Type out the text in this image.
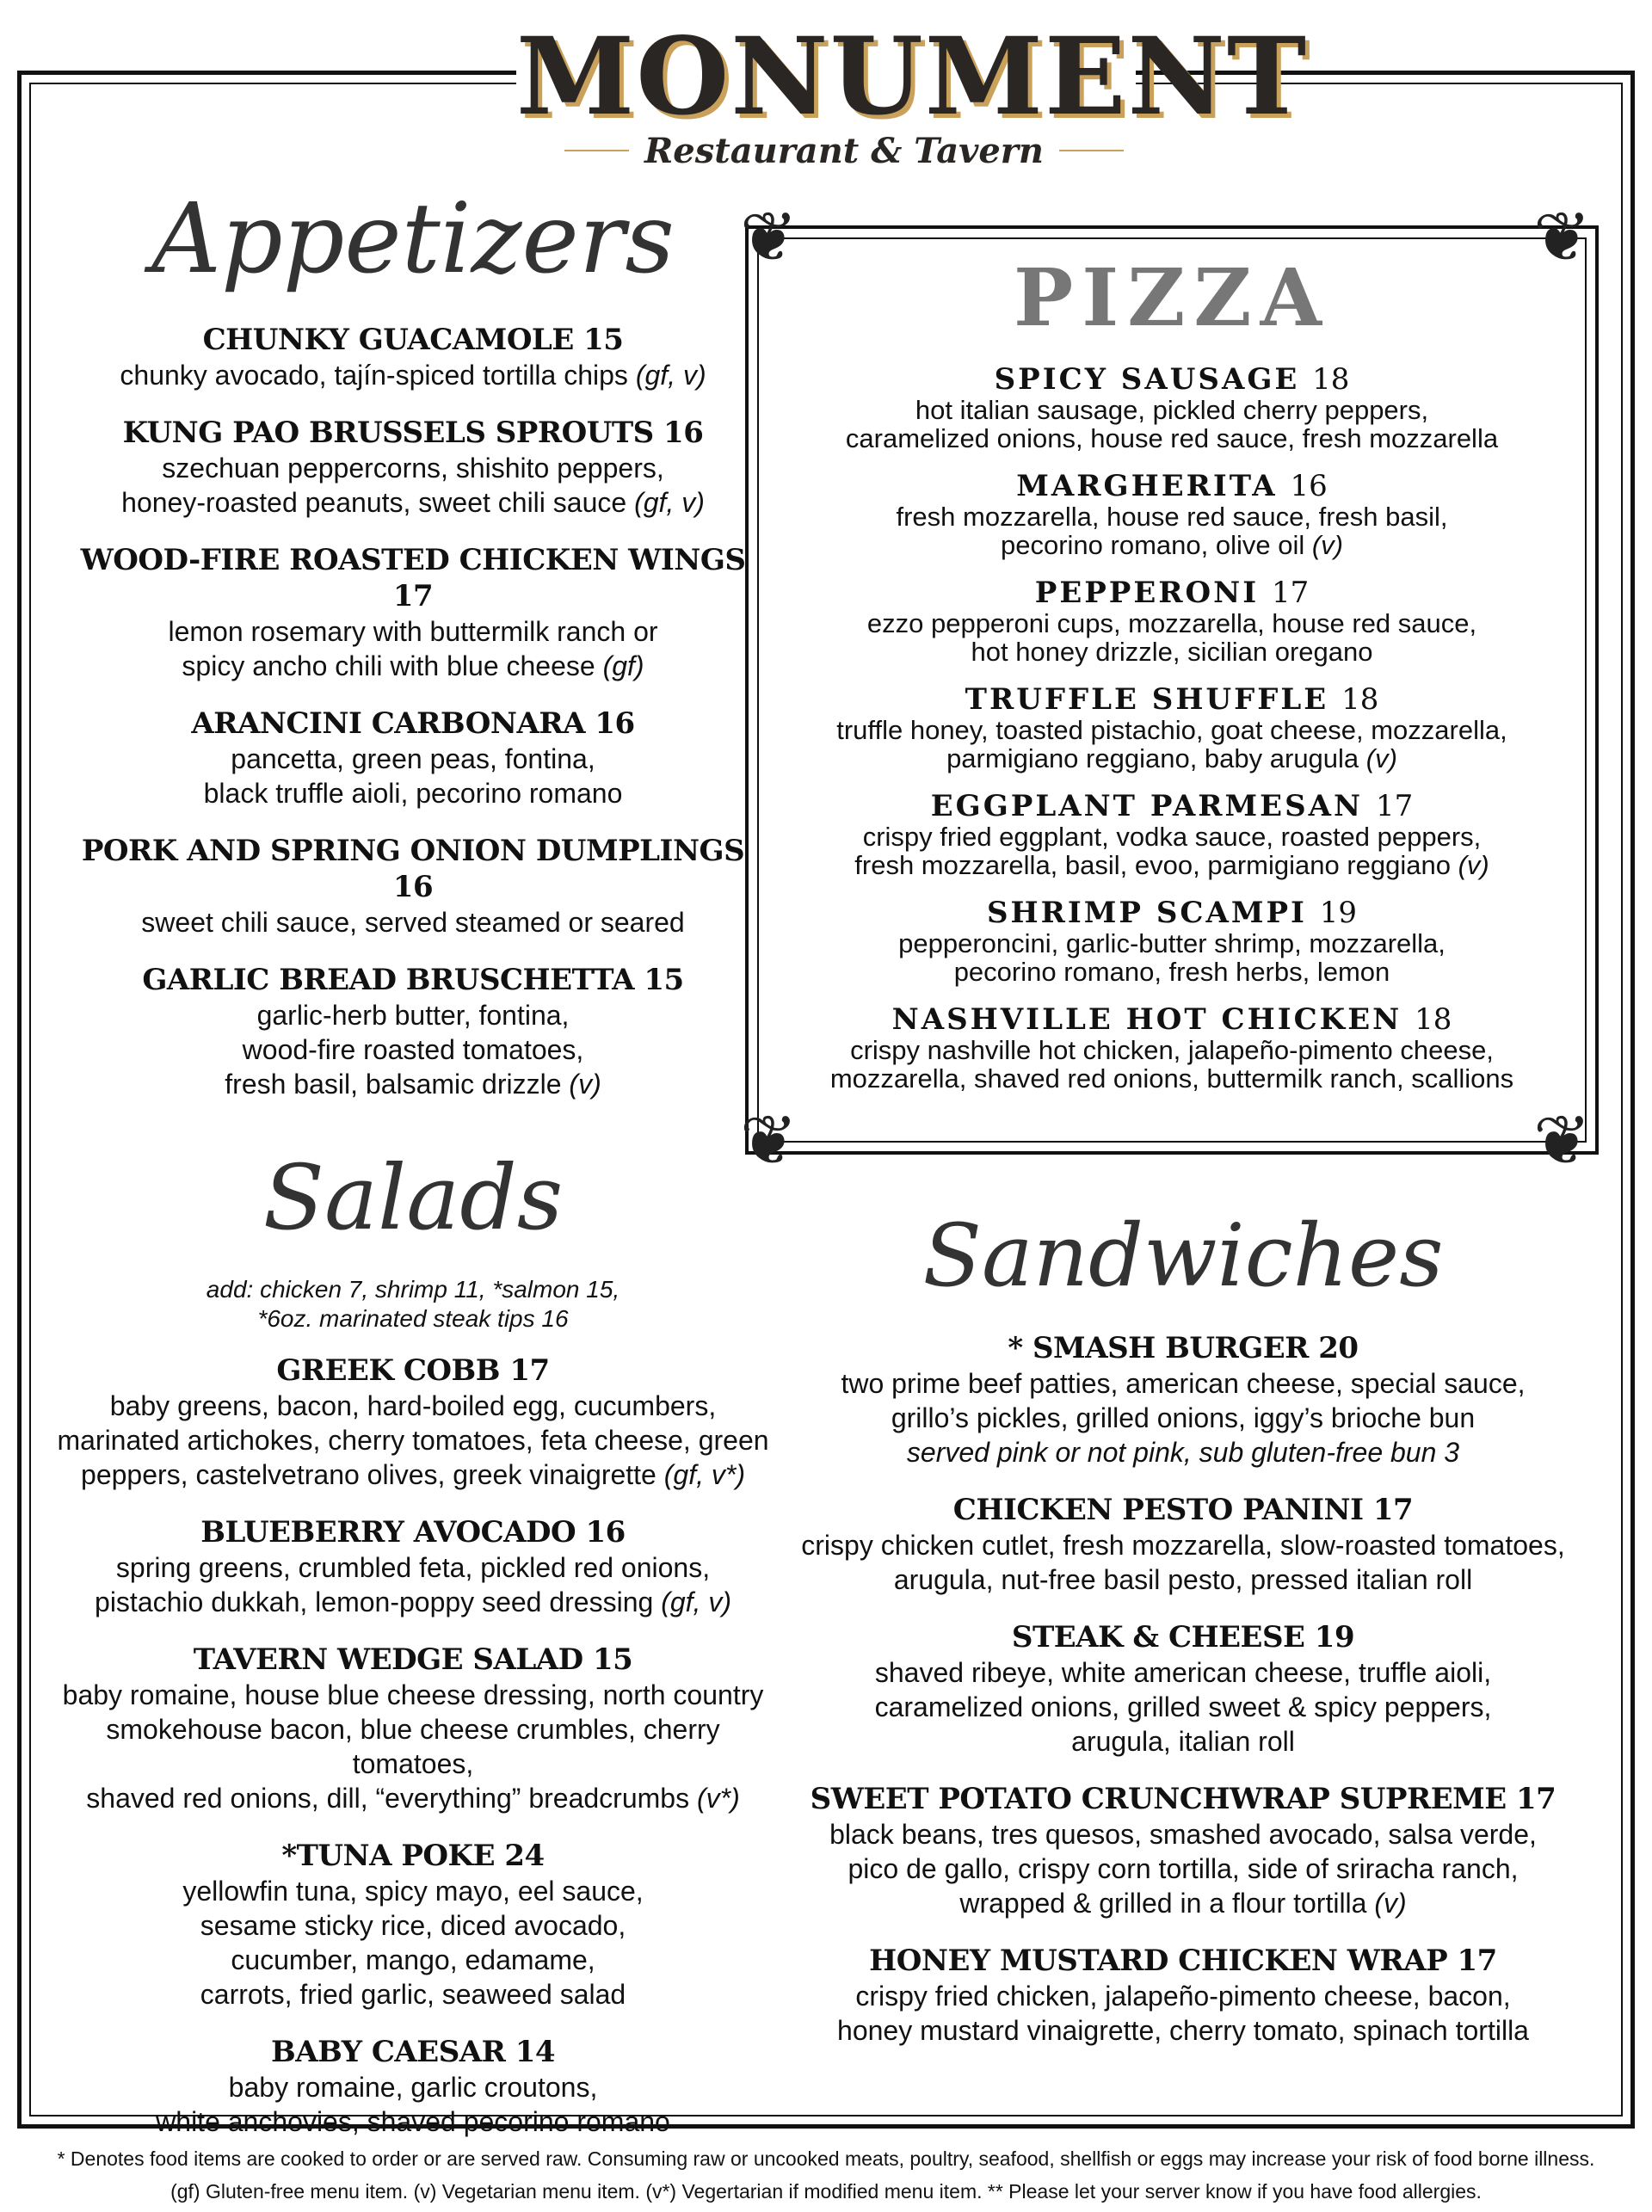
MONUMENT
Restaurant & Tavern
Appetizers
CHUNKY GUACAMOLE 15
chunky avocado, tajín-spiced tortilla chips (gf, v)
KUNG PAO BRUSSELS SPROUTS 16
szechuan peppercorns, shishito peppers,
honey-roasted peanuts, sweet chili sauce (gf, v)
WOOD-FIRE ROASTED CHICKEN WINGS 17
lemon rosemary with buttermilk ranch or
spicy ancho chili with blue cheese (gf)
ARANCINI CARBONARA 16
pancetta, green peas, fontina,
black truffle aioli, pecorino romano
PORK AND SPRING ONION DUMPLINGS 16
sweet chili sauce, served steamed or seared
GARLIC BREAD BRUSCHETTA 15
garlic-herb butter, fontina,
wood-fire roasted tomatoes,
fresh basil, balsamic drizzle (v)
Salads
add: chicken 7, shrimp 11, *salmon 15,
*6oz. marinated steak tips 16
GREEK COBB 17
baby greens, bacon, hard-boiled egg, cucumbers,
marinated artichokes, cherry tomatoes, feta cheese, green
peppers, castelvetrano olives, greek vinaigrette (gf, v*)
BLUEBERRY AVOCADO 16
spring greens, crumbled feta, pickled red onions,
pistachio dukkah, lemon-poppy seed dressing (gf, v)
TAVERN WEDGE SALAD 15
baby romaine, house blue cheese dressing, north country
smokehouse bacon, blue cheese crumbles, cherry tomatoes,
shaved red onions, dill, “everything” breadcrumbs (v*)
*TUNA POKE 24
yellowfin tuna, spicy mayo, eel sauce,
sesame sticky rice, diced avocado,
cucumber, mango, edamame,
carrots, fried garlic, seaweed salad
BABY CAESAR 14
baby romaine, garlic croutons,
white anchovies, shaved pecorino romano
❦	❦
❦	❦
PIZZA
SPICY SAUSAGE 18
hot italian sausage, pickled cherry peppers,
caramelized onions, house red sauce, fresh mozzarella
MARGHERITA 16
fresh mozzarella, house red sauce, fresh basil,
pecorino romano, olive oil (v)
PEPPERONI 17
ezzo pepperoni cups, mozzarella, house red sauce,
hot honey drizzle, sicilian oregano
TRUFFLE SHUFFLE 18
truffle honey, toasted pistachio, goat cheese, mozzarella,
parmigiano reggiano, baby arugula (v)
EGGPLANT PARMESAN 17
crispy fried eggplant, vodka sauce, roasted peppers,
fresh mozzarella, basil, evoo, parmigiano reggiano (v)
SHRIMP SCAMPI 19
pepperoncini, garlic-butter shrimp, mozzarella,
pecorino romano, fresh herbs, lemon
NASHVILLE HOT CHICKEN 18
crispy nashville hot chicken, jalapeño-pimento cheese,
mozzarella, shaved red onions, buttermilk ranch, scallions
Sandwiches
* SMASH BURGER 20
two prime beef patties, american cheese, special sauce,
grillo’s pickles, grilled onions, iggy’s brioche bun
served pink or not pink, sub gluten-free bun 3
CHICKEN PESTO PANINI 17
crispy chicken cutlet, fresh mozzarella, slow-roasted tomatoes,
arugula, nut-free basil pesto, pressed italian roll
STEAK & CHEESE 19
shaved ribeye, white american cheese, truffle aioli,
caramelized onions, grilled sweet & spicy peppers,
arugula, italian roll
SWEET POTATO CRUNCHWRAP SUPREME 17
black beans, tres quesos, smashed avocado, salsa verde,
pico de gallo, crispy corn tortilla, side of sriracha ranch,
wrapped & grilled in a flour tortilla (v)
HONEY MUSTARD CHICKEN WRAP 17
crispy fried chicken, jalapeño-pimento cheese, bacon,
honey mustard vinaigrette, cherry tomato, spinach tortilla
* Denotes food items are cooked to order or are served raw. Consuming raw or uncooked meats, poultry, seafood, shellfish or eggs may increase your risk of food borne illness.
(gf) Gluten-free menu item. (v) Vegetarian menu item. (v*) Vegertarian if modified menu item. ** Please let your server know if you have food allergies.
